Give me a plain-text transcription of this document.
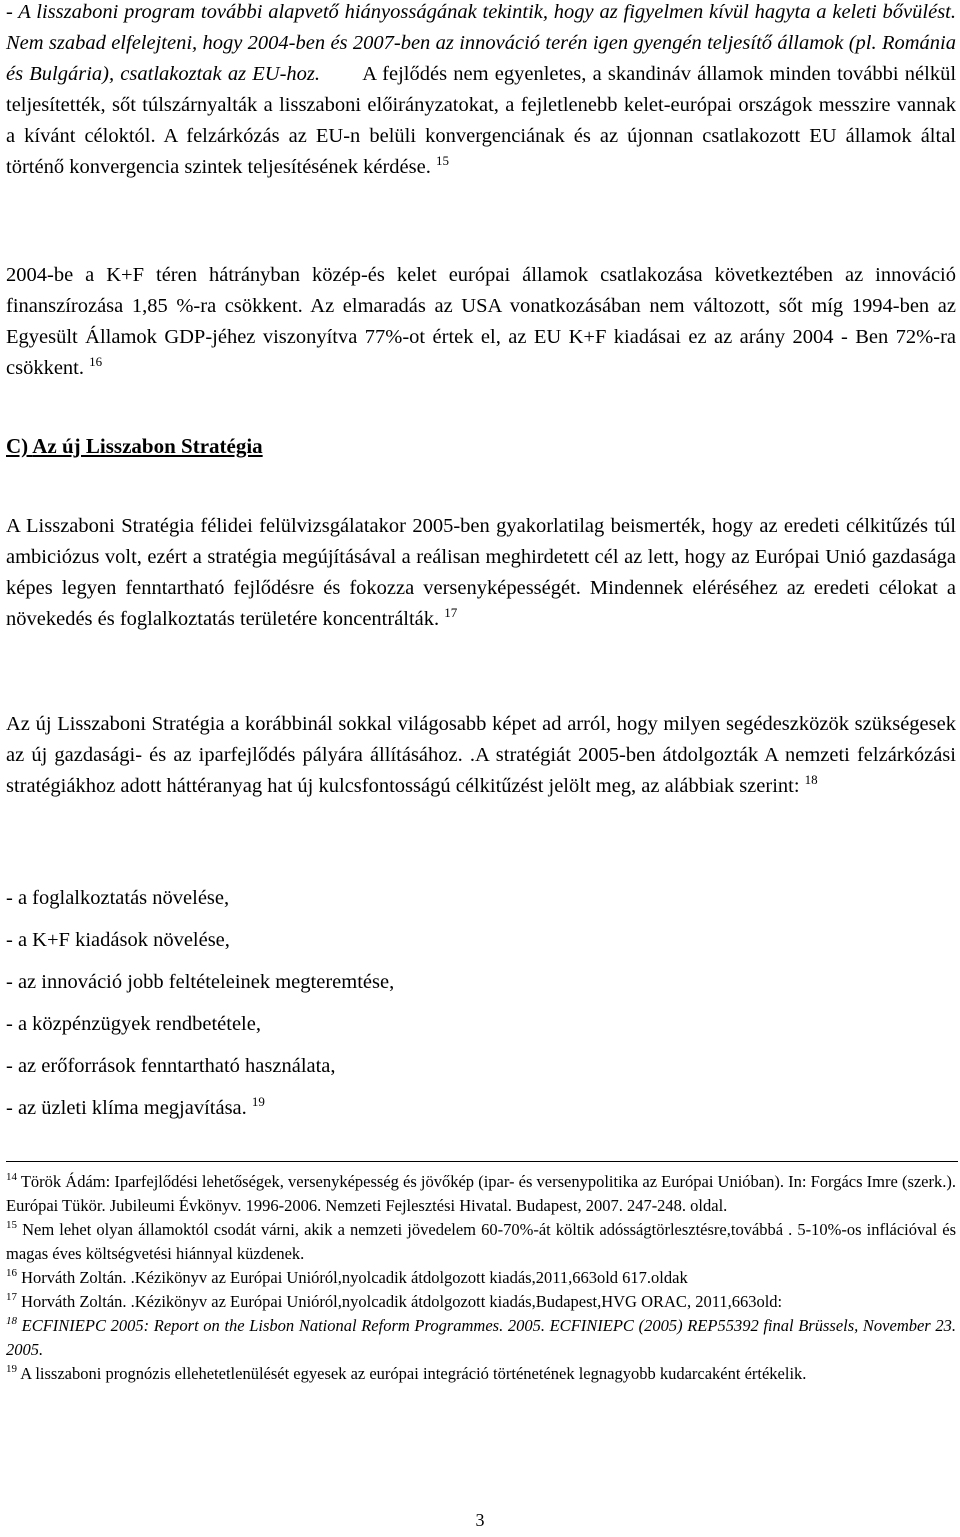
- A lisszaboni program további alapvető hiányosságának tekintik, hogy az figyelmen kívül hagyta a keleti bővülést. Nem szabad elfelejteni, hogy 2004-ben és 2007-ben az innováció terén igen gyengén teljesítő államok (pl. Románia és Bulgária), csatlakoztak az EU-hoz. A fejlődés nem egyenletes, a skandináv államok minden további nélkül teljesítették, sőt túlszárnyalták a lisszaboni előirányzatokat, a fejletlenebb kelet-európai országok messzire vannak a kívánt céloktól. A felzárkózás az EU-n belüli konvergenciának és az újonnan csatlakozott EU államok által történő konvergencia szintek teljesítésének kérdése. $^{15}$
2004-be a K+F téren hátrányban közép-és kelet európai államok csatlakozása következtében az innováció finanszírozása 1,85 %-ra csökkent. Az elmaradás az USA vonatkozásában nem változott, sőt míg 1994-ben az Egyesült Államok GDP-jéhez viszonyítva 77%-ot értek el, az EU K+F kiadásai ez az arány 2004 - Ben 72%-ra csökkent. $^{16}$
C) Az új Lisszabon Stratégia
A Lisszaboni Stratégia félidei felülvizsgálatakor 2005-ben gyakorlatilag beismerték, hogy az eredeti célkitűzés túl ambiciózus volt, ezért a stratégia megújításával a reálisan meghirdetett cél az lett, hogy az Európai Unió gazdasága képes legyen fenntartható fejlődésre és fokozza versenyképességét. Mindennek eléréséhez az eredeti célokat a növekedés és foglalkoztatás területére koncentrálták. $^{17}$
Az új Lisszaboni Stratégia a korábbinál sokkal világosabb képet ad arról, hogy milyen segédeszközök szükségesek az új gazdasági- és az iparfejlődés pályára állításához. .A stratégiát 2005-ben átdolgozták A nemzeti felzárkózási stratégiákhoz adott háttéranyag hat új kulcsfontosságú célkitűzést jelölt meg, az alábbiak szerint: $^{18}$
- a foglalkoztatás növelése,
- a K+F kiadások növelése,
- az innováció jobb feltételeinek megteremtése,
- a közpénzügyek rendbetétele,
- az erőforrások fenntartható használata,
- az üzleti klíma megjavítása. $^{19}$

$^{14}$ Török Ádám: Iparfejlődési lehetőségek, versenyképesség és jövőkép (ipar- és versenypolitika az Európai Unióban). In: Forgács Imre (szerk.). Európai Tükör. Jubileumi Évkönyv. 1996-2006. Nemzeti Fejlesztési Hivatal. Budapest, 2007. 247-248. oldal.

$^{15}$ Nem lehet olyan államoktól csodát várni, akik a nemzeti jövedelem 60-70%-át költik adósságtörlesztésre,továbbá . 5-10%-os inflációval és magas éves költségvetési hiánnyal küzdenek.

$^{16}$ Horváth Zoltán. .Kézikönyv az Európai Unióról,nyolcadik átdolgozott kiadás,2011,663old 617.oldak

$^{17}$ Horváth Zoltán. .Kézikönyv az Európai Unióról,nyolcadik átdolgozott kiadás,Budapest,HVG ORAC, 2011,663old:

$^{18}$ ECFINIEPC 2005: Report on the Lisbon National Reform Programmes. 2005. ECFINIEPC (2005) REP55392 final Brüssels, November 23. 2005.

$^{19}$ A lisszaboni prognózis ellehetetlenülését egyesek az európai integráció történetének legnagyobb kudarcaként értékelik.

3
